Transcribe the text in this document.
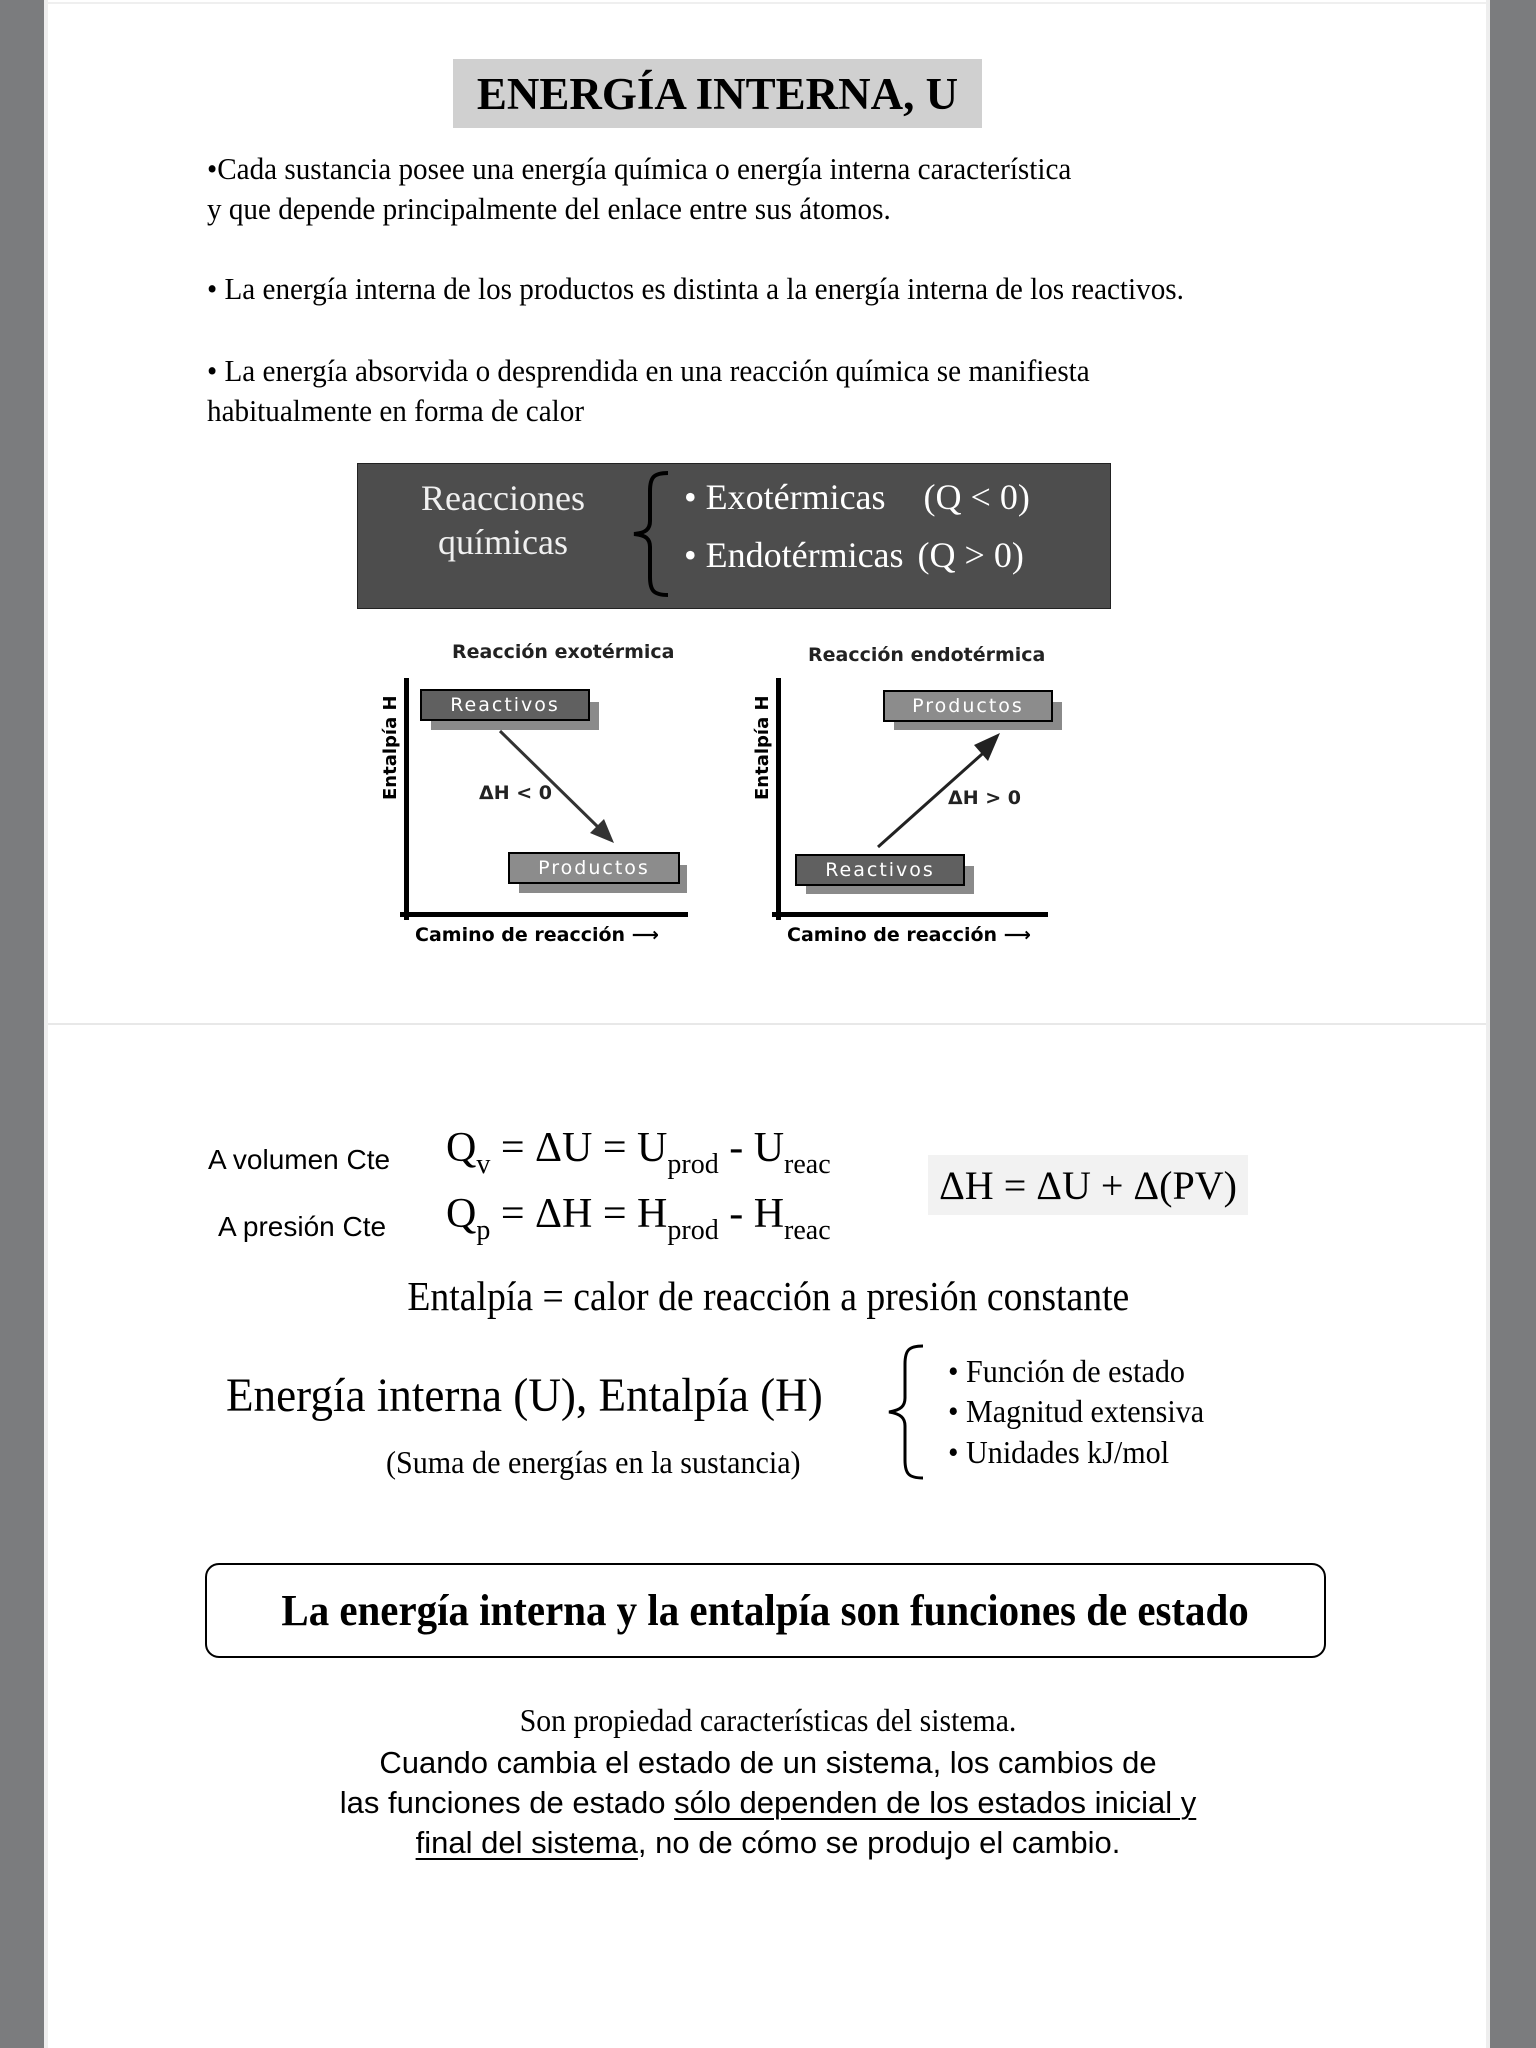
ENERGÍA INTERNA, U
•Cada sustancia posee una energía química o energía interna característica
y que depende principalmente del enlace entre sus átomos.
• La energía interna de los productos es distinta a la energía interna de los reactivos.
• La energía absorvida o desprendida en una reacción química se manifiesta
habitualmente en forma de calor
Reacciones
químicas
• Exotérmicas (Q < 0)
• Endotérmicas (Q > 0)
Reacción exotérmica
Entalpía H
Camino de reacción ⟶
Reactivos
Productos
ΔH < 0
Reacción endotérmica
Entalpía H
Camino de reacción ⟶
Productos
Reactivos
ΔH > 0
A volumen Cte $Q_v = \Delta U = U_{prod} - U_{reac}$
A presión Cte $Q_p = \Delta H = H_{prod} - H_{reac}$
ΔH = ΔU + Δ(PV)
Entalpía = calor de reacción a presión constante
Energía interna (U), Entalpía (H)
(Suma de energías en la sustancia)
• Función de estado
• Magnitud extensiva
• Unidades kJ/mol
La energía interna y la entalpía son funciones de estado
Son propiedad características del sistema.
Cuando cambia el estado de un sistema, los cambios de
las funciones de estado sólo dependen de los estados inicial y
final del sistema, no de cómo se produjo el cambio.
